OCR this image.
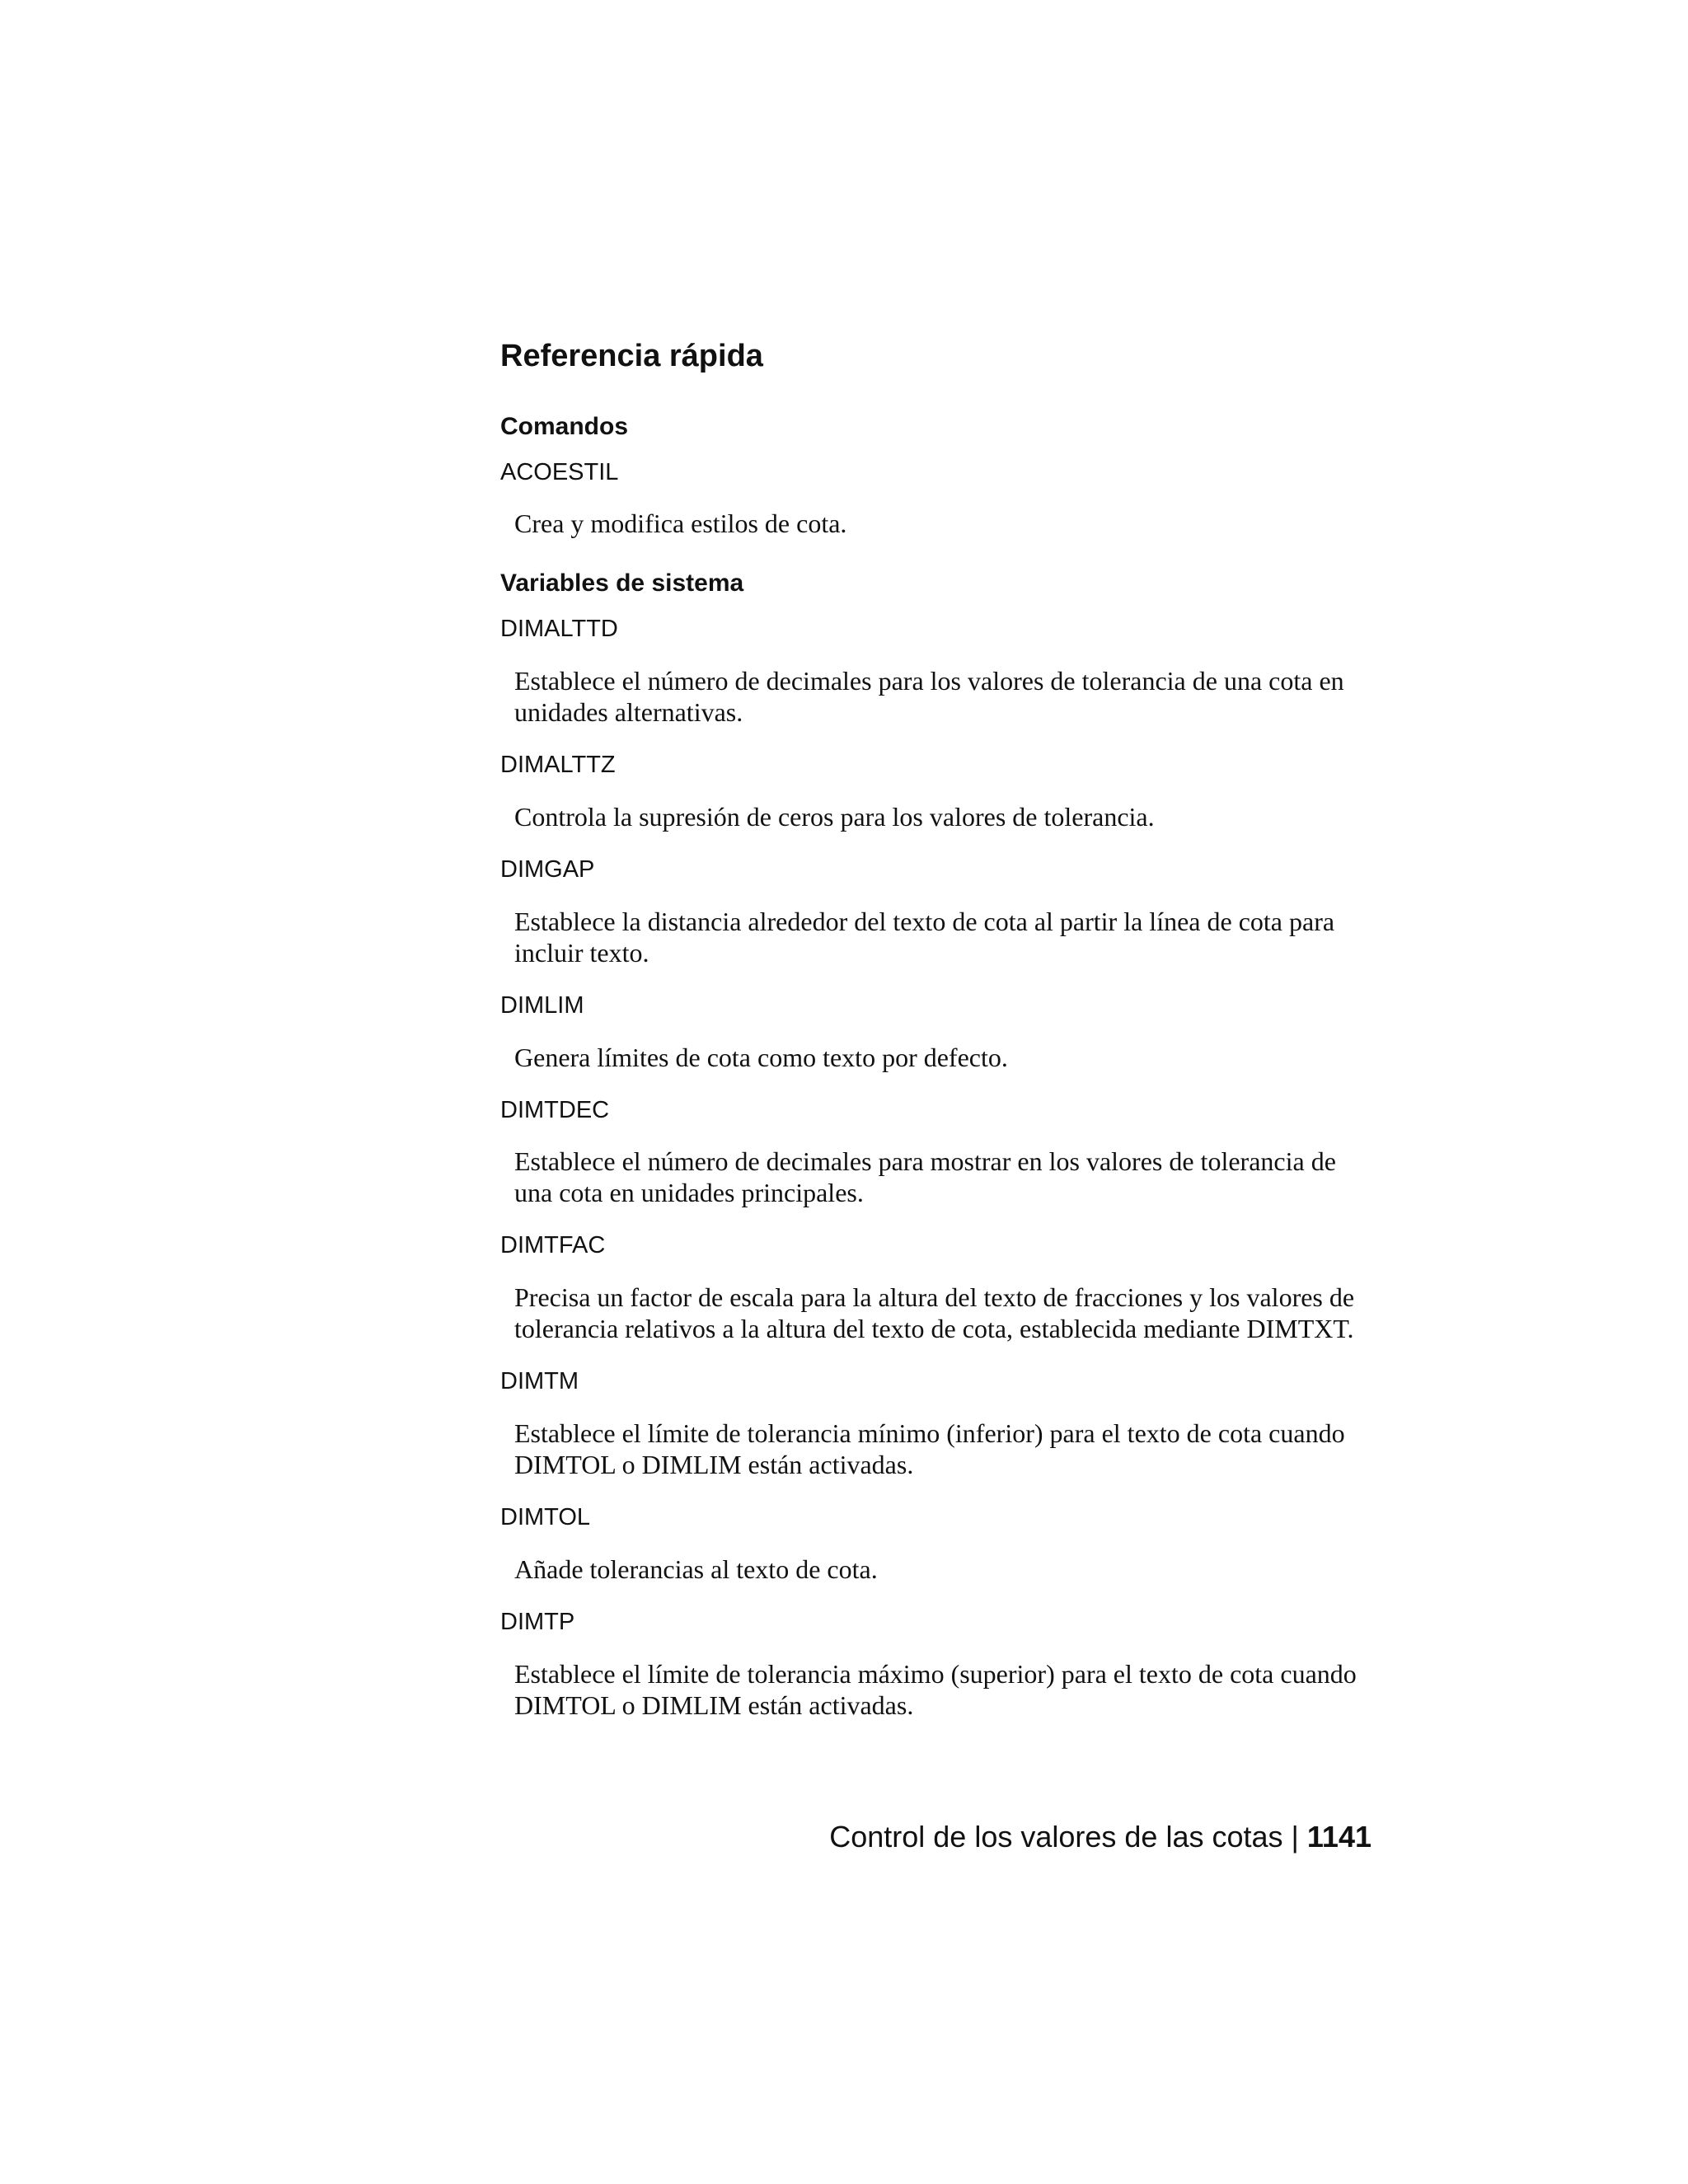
Referencia rápida
Comandos
ACOESTIL
Crea y modifica estilos de cota.
Variables de sistema
DIMALTTD
Establece el número de decimales para los valores de tolerancia de una cota en unidades alternativas.
DIMALTTZ
Controla la supresión de ceros para los valores de tolerancia.
DIMGAP
Establece la distancia alrededor del texto de cota al partir la línea de cota para incluir texto.
DIMLIM
Genera límites de cota como texto por defecto.
DIMTDEC
Establece el número de decimales para mostrar en los valores de tolerancia de una cota en unidades principales.
DIMTFAC
Precisa un factor de escala para la altura del texto de fracciones y los valores de tolerancia relativos a la altura del texto de cota, establecida mediante DIMTXT.
DIMTM
Establece el límite de tolerancia mínimo (inferior) para el texto de cota cuando DIMTOL o DIMLIM están activadas.
DIMTOL
Añade tolerancias al texto de cota.
DIMTP
Establece el límite de tolerancia máximo (superior) para el texto de cota cuando DIMTOL o DIMLIM están activadas.
Control de los valores de las cotas | 1141
